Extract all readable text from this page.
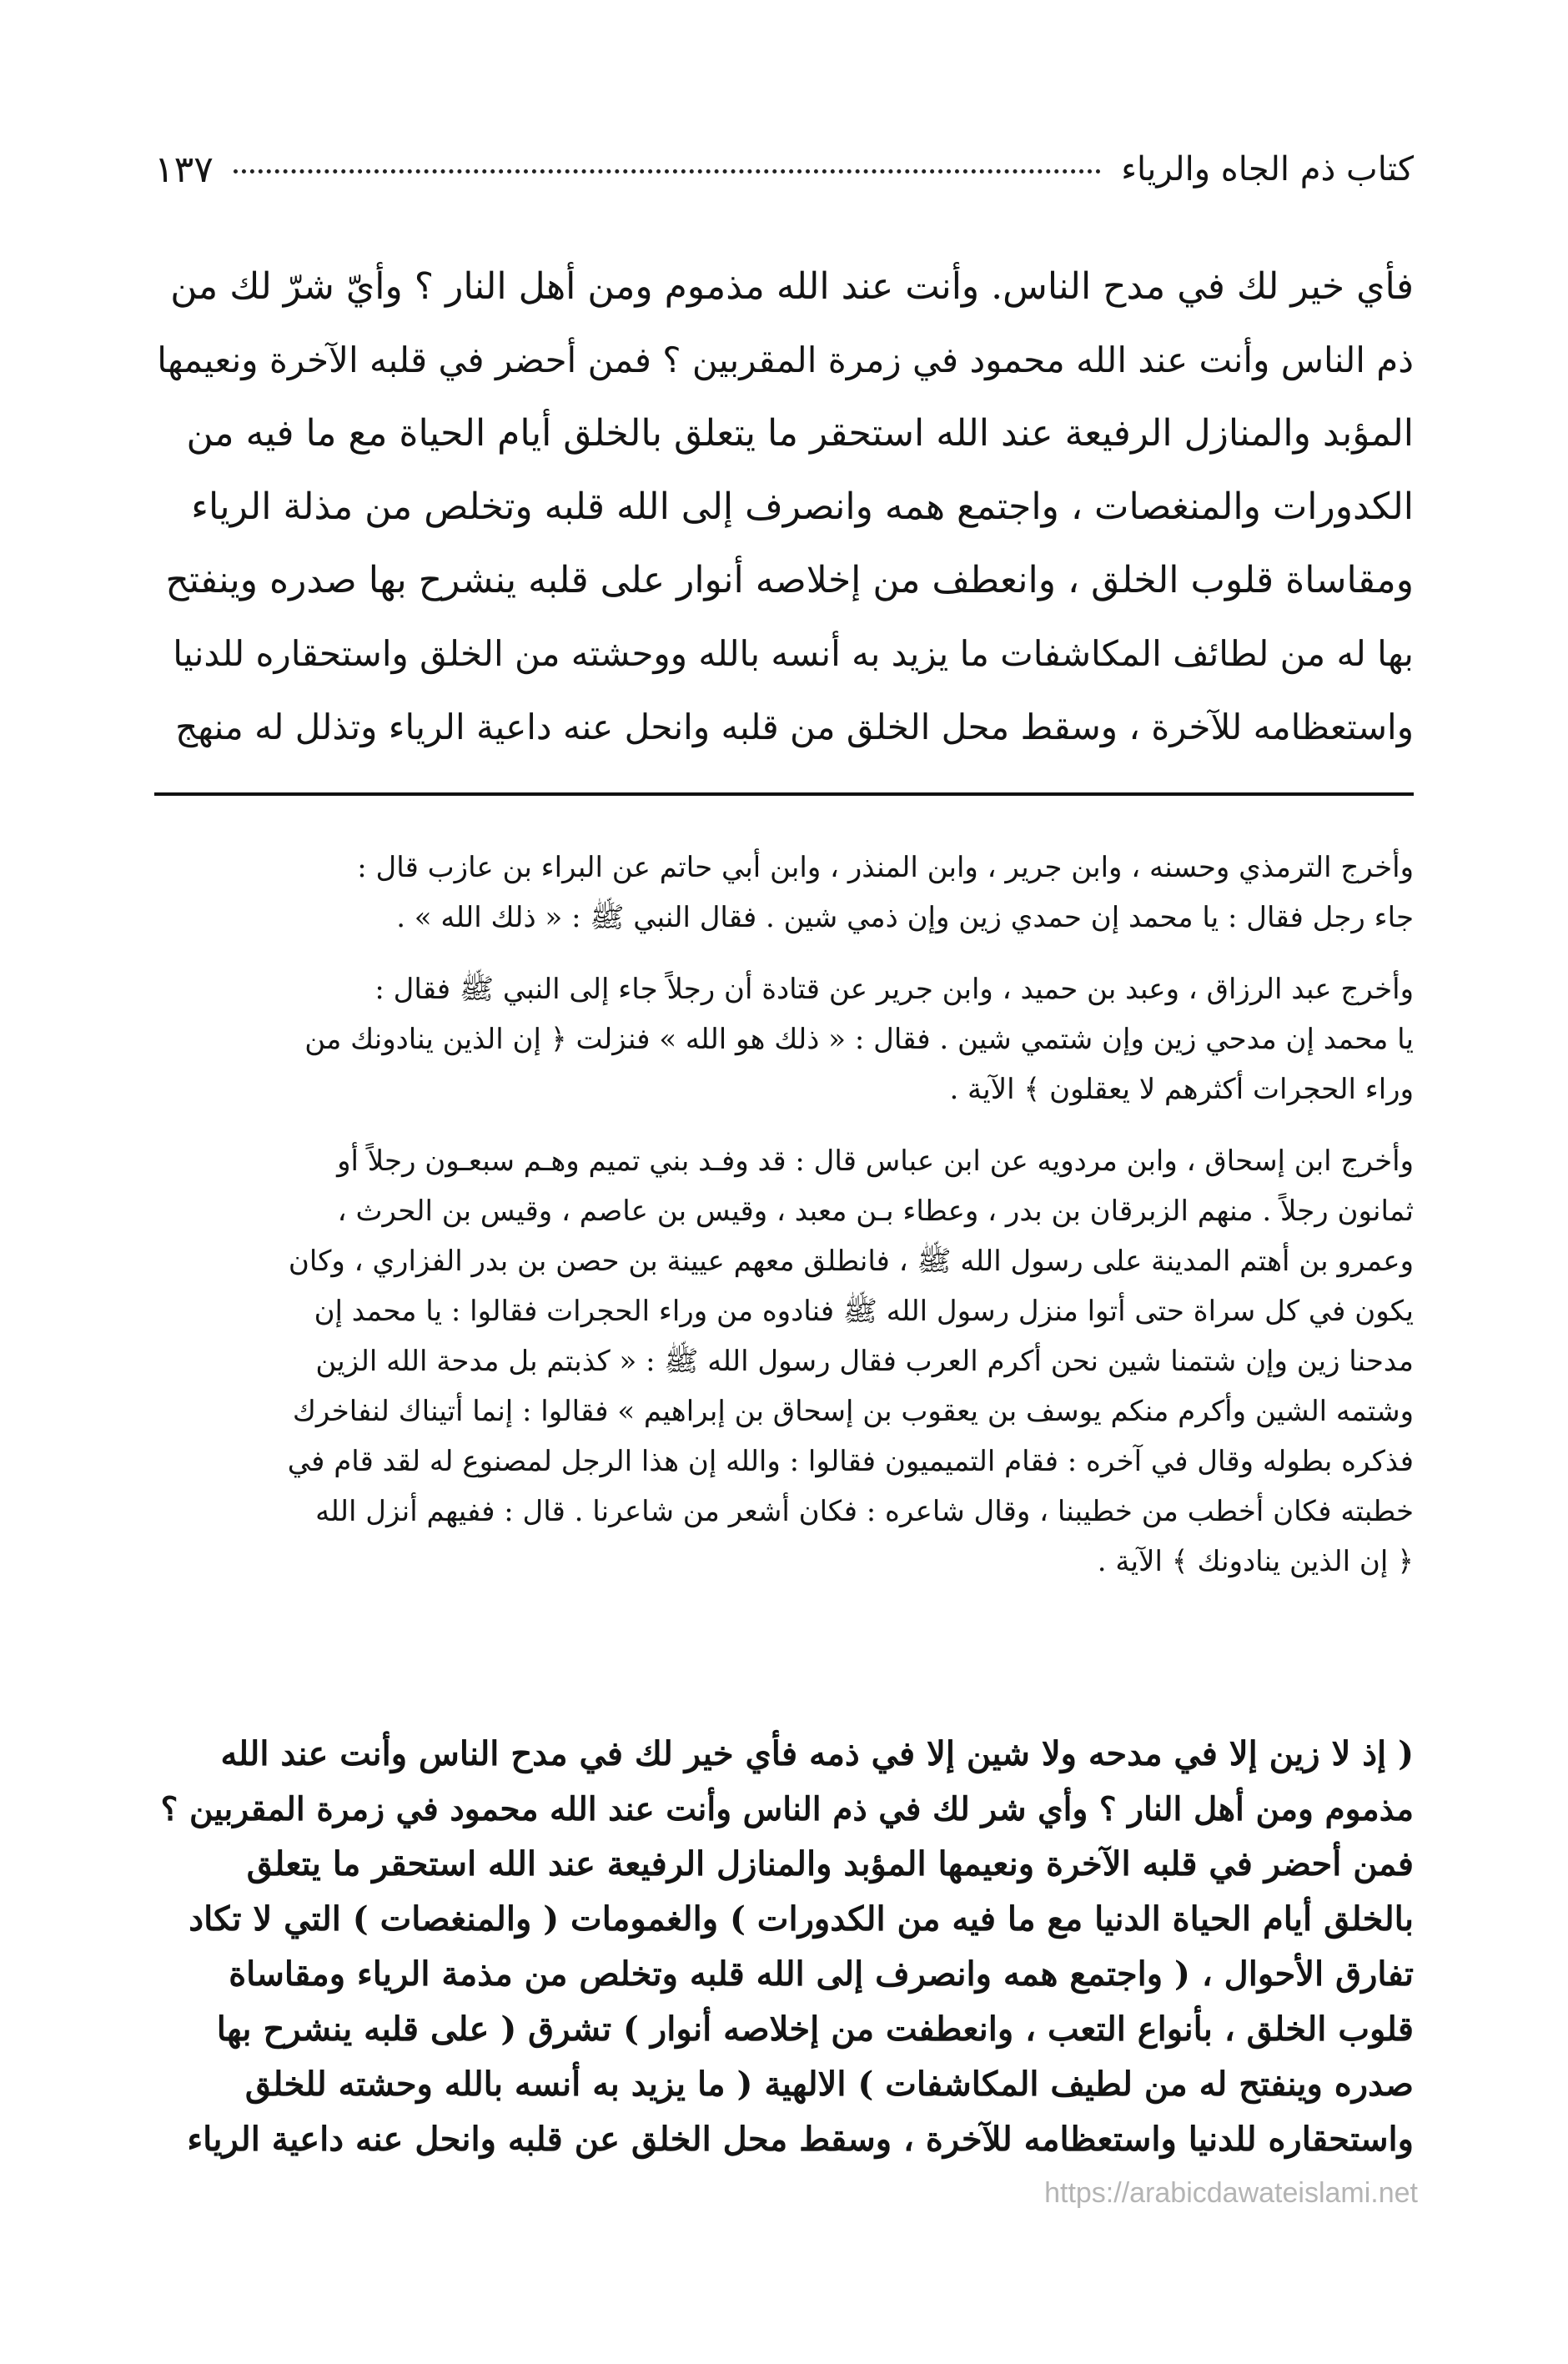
كتاب ذم الجاه والرياء
١٣٧
فأي خير لك في مدح الناس. وأنت عند الله مذموم ومن أهل النار ؟ وأيّ شرّ لك من
ذم الناس وأنت عند الله محمود في زمرة المقربين ؟ فمن أحضر في قلبه الآخرة ونعيمها
المؤبد والمنازل الرفيعة عند الله استحقر ما يتعلق بالخلق أيام الحياة مع ما فيه من
الكدورات والمنغصات ، واجتمع همه وانصرف إلى الله قلبه وتخلص من مذلة الرياء
ومقاساة قلوب الخلق ، وانعطف من إخلاصه أنوار على قلبه ينشرح بها صدره وينفتح
بها له من لطائف المكاشفات ما يزيد به أنسه بالله ووحشته من الخلق واستحقاره للدنيا
واستعظامه للآخرة ، وسقط محل الخلق من قلبه وانحل عنه داعية الرياء وتذلل له منهج
وأخرج الترمذي وحسنه ، وابن جرير ، وابن المنذر ، وابن أبي حاتم عن البراء بن عازب قال :
جاء رجل فقال : يا محمد إن حمدي زين وإن ذمي شين . فقال النبي ﷺ : « ذلك الله » .
وأخرج عبد الرزاق ، وعبد بن حميد ، وابن جرير عن قتادة أن رجلاً جاء إلى النبي ﷺ فقال :
يا محمد إن مدحي زين وإن شتمي شين . فقال : « ذلك هو الله » فنزلت ﴿ إن الذين ينادونك من
وراء الحجرات أكثرهم لا يعقلون ﴾ الآية .
وأخرج ابن إسحاق ، وابن مردويه عن ابن عباس قال : قد وفـد بني تميم وهـم سبعـون رجلاً أو
ثمانون رجلاً . منهم الزبرقان بن بدر ، وعطاء بـن معبد ، وقيس بن عاصم ، وقيس بن الحرث ،
وعمرو بن أهتم المدينة على رسول الله ﷺ ، فانطلق معهم عيينة بن حصن بن بدر الفزاري ، وكان
يكون في كل سراة حتى أتوا منزل رسول الله ﷺ فنادوه من وراء الحجرات فقالوا : يا محمد إن
مدحنا زين وإن شتمنا شين نحن أكرم العرب فقال رسول الله ﷺ : « كذبتم بل مدحة الله الزين
وشتمه الشين وأكرم منكم يوسف بن يعقوب بن إسحاق بن إبراهيم » فقالوا : إنما أتيناك لنفاخرك
فذكره بطوله وقال في آخره : فقام التميميون فقالوا : والله إن هذا الرجل لمصنوع له لقد قام في
خطبته فكان أخطب من خطيبنا ، وقال شاعره : فكان أشعر من شاعرنا . قال : ففيهم أنزل الله
﴿ إن الذين ينادونك ﴾ الآية .
( إذ لا زين إلا في مدحه ولا شين إلا في ذمه فأي خير لك في مدح الناس وأنت عند الله
مذموم ومن أهل النار ؟ وأي شر لك في ذم الناس وأنت عند الله محمود في زمرة المقربين ؟
فمن أحضر في قلبه الآخرة ونعيمها المؤبد والمنازل الرفيعة عند الله استحقر ما يتعلق
بالخلق أيام الحياة الدنيا مع ما فيه من الكدورات ) والغمومات ( والمنغصات ) التي لا تكاد
تفارق الأحوال ، ( واجتمع همه وانصرف إلى الله قلبه وتخلص من مذمة الرياء ومقاساة
قلوب الخلق ، بأنواع التعب ، وانعطفت من إخلاصه أنوار ) تشرق ( على قلبه ينشرح بها
صدره وينفتح له من لطيف المكاشفات ) الالهية ( ما يزيد به أنسه بالله وحشته للخلق
واستحقاره للدنيا واستعظامه للآخرة ، وسقط محل الخلق عن قلبه وانحل عنه داعية الرياء
https://arabicdawateislami.net
